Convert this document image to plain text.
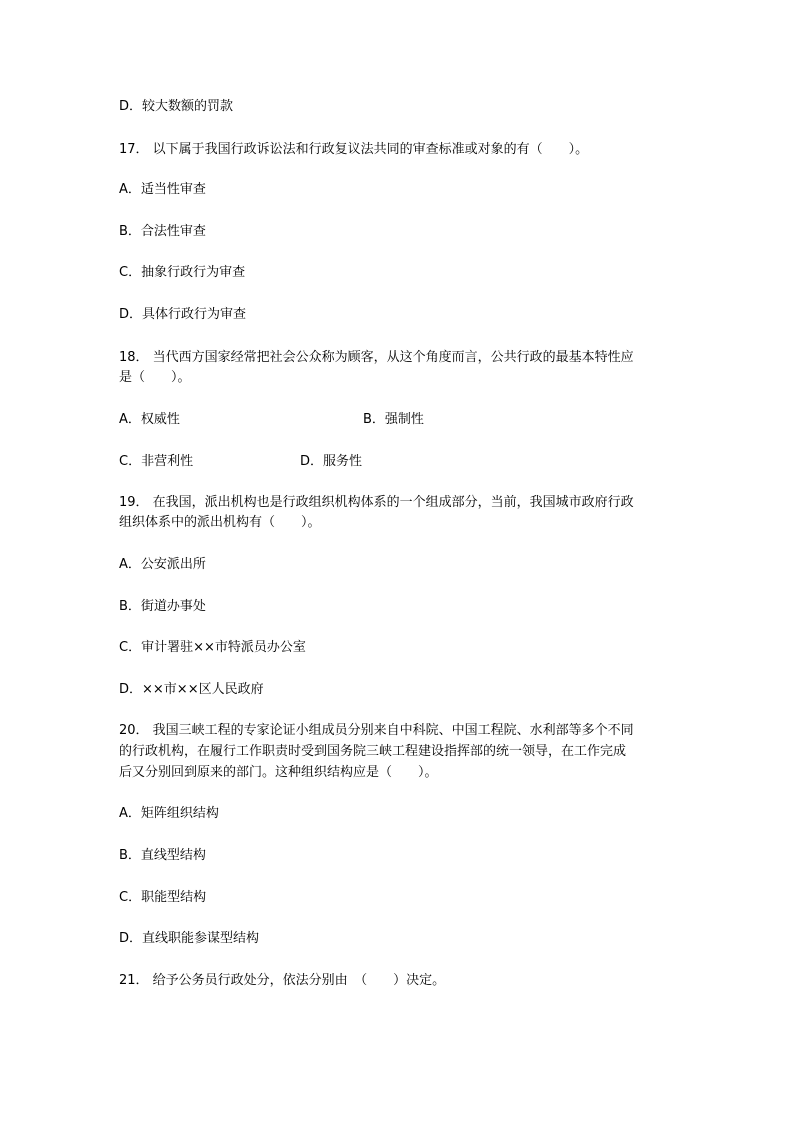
D．较大数额的罚款
17． 以下属于我国行政诉讼法和行政复议法共同的审查标准或对象的有（　　）。
A．适当性审查
B．合法性审查
C．抽象行政行为审查
D．具体行政行为审查
18． 当代西方国家经常把社会公众称为顾客，从这个角度而言，公共行政的最基本特性应
是（　　）。
A．权威性	B．强制性
C．非营利性	D．服务性
19． 在我国，派出机构也是行政组织机构体系的一个组成部分，当前，我国城市政府行政
组织体系中的派出机构有（　　）。
A．公安派出所
B．街道办事处
C．审计署驻××市特派员办公室
D．××市××区人民政府
20． 我国三峡工程的专家论证小组成员分别来自中科院、中国工程院、水利部等多个不同
的行政机构，在履行工作职责时受到国务院三峡工程建设指挥部的统一领导，在工作完成
后又分别回到原来的部门。这种组织结构应是（　　）。
A．矩阵组织结构
B．直线型结构
C．职能型结构
D．直线职能参谋型结构
21． 给予公务员行政处分，依法分别由　（　　）决定。
